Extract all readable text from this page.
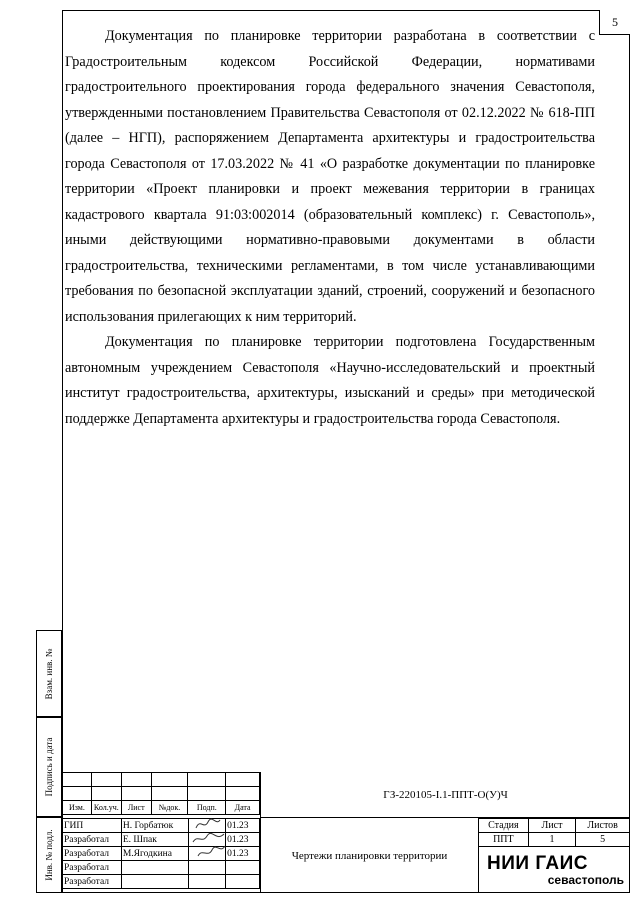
5

Документация по планировке территории разработана в соответствии с Градостроительным кодексом Российской Федерации, нормативами градостроительного проектирования города федерального значения Севастополя, утвержденными постановлением Правительства Севастополя от 02.12.2022 № 618-ПП (далее – НГП), распоряжением Департамента архитектуры и градостроительства города Севастополя от 17.03.2022 № 41 «О разработке документации по планировке территории «Проект планировки и проект межевания территории в границах кадастрового квартала 91:03:002014 (образовательный комплекс) г. Севастополь», иными действующими нормативно-правовыми документами в области градостроительства, техническими регламентами, в том числе устанавливающими требования по безопасной эксплуатации зданий, строений, сооружений и безопасного использования прилегающих к ним территорий.

Документация по планировке территории подготовлена Государственным автономным учреждением Севастополя «Научно-исследовательский и проектный институт градостроительства, архитектуры, изысканий и среды» при методической поддержке Департамента архитектуры и градостроительства города Севастополя.

Взам. инв. №
Подпись и дата
Инв. № подл.

Изм.	Кол.уч.	Лист	№док.	Подп.	Дата
ГИП	Н. Горбатюк		01.23
Разработал	Е. Шпак		01.23
Разработал	М.Ягодкина		01.23
Разработал			
Разработал			
ГЗ-220105-I.1-ППТ-О(У)Ч
Чертежи планировки территории
Стадия	Лист	Листов
ППТ	1	5
НИИ ГАИС
севастополь
